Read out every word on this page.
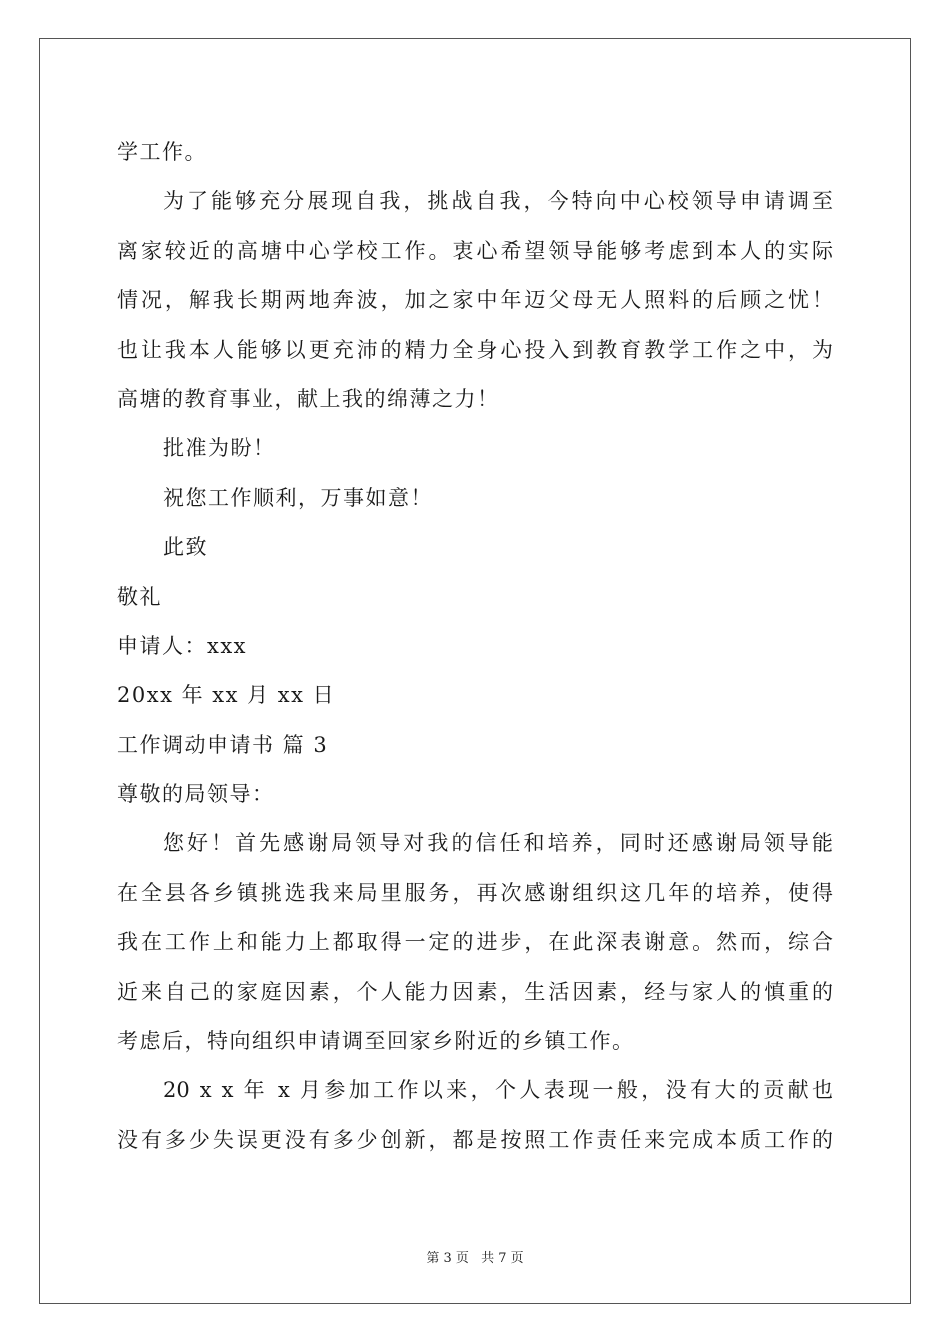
学工作。
为了能够充分展现自我，挑战自我，今特向中心校领导申请调至
离家较近的高塘中心学校工作。衷心希望领导能够考虑到本人的实际
情况，解我长期两地奔波，加之家中年迈父母无人照料的后顾之忧！
也让我本人能够以更充沛的精力全身心投入到教育教学工作之中，为
高塘的教育事业，献上我的绵薄之力！
批准为盼！
祝您工作顺利，万事如意！
此致
敬礼
申请人：xxx
20xx 年 xx 月 xx 日
工作调动申请书 篇 3
尊敬的局领导：
您好！首先感谢局领导对我的信任和培养，同时还感谢局领导能
在全县各乡镇挑选我来局里服务，再次感谢组织这几年的培养，使得
我在工作上和能力上都取得一定的进步，在此深表谢意。然而，综合
近来自己的家庭因素，个人能力因素，生活因素，经与家人的慎重的
考虑后，特向组织申请调至回家乡附近的乡镇工作。
20 x x 年 x 月参加工作以来，个人表现一般，没有大的贡献也
没有多少失误更没有多少创新，都是按照工作责任来完成本质工作的
第 3 页 共 7 页
